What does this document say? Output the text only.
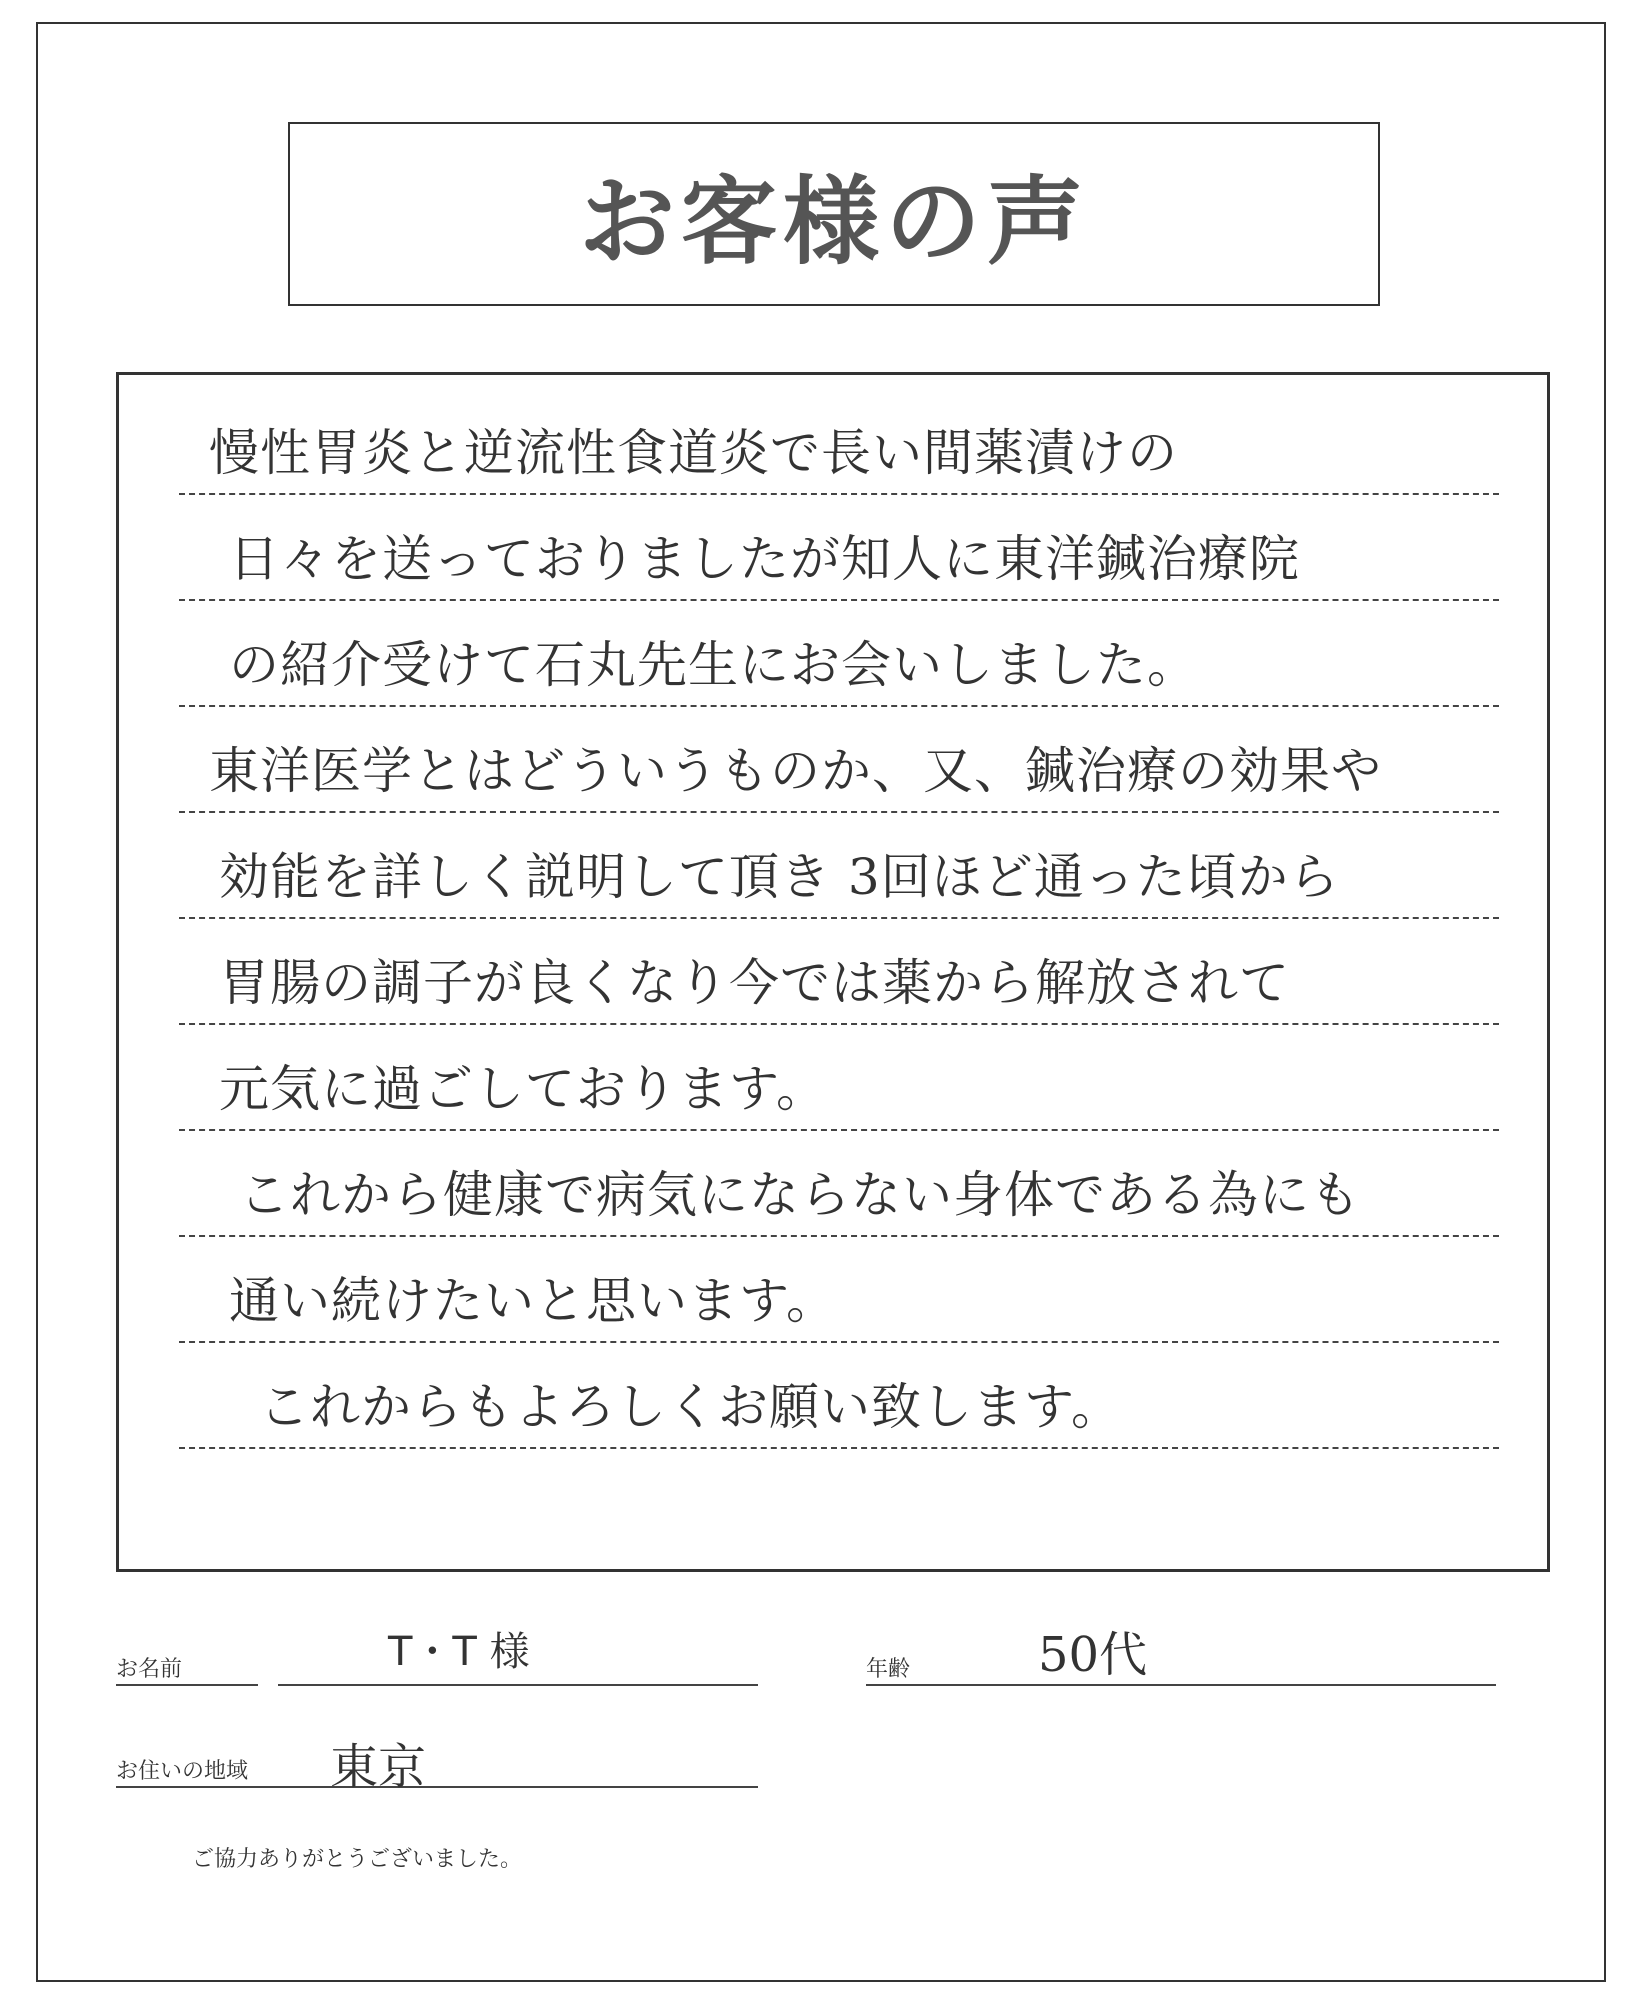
お客様の声
慢性胃炎と逆流性食道炎で長い間薬漬けの
日々を送っておりましたが知人に東洋鍼治療院
の紹介受けて石丸先生にお会いしました。
東洋医学とはどういうものか、又、鍼治療の効果や
効能を詳しく説明して頂き 3回ほど通った頃から
胃腸の調子が良くなり今では薬から解放されて
元気に過ごしております。
これから健康で病気にならない身体である為にも
通い続けたいと思います。
これからもよろしくお願い致します。
お名前	T・T 様	年齢	50代
お住いの地域 東京
ご協力ありがとうございました。
